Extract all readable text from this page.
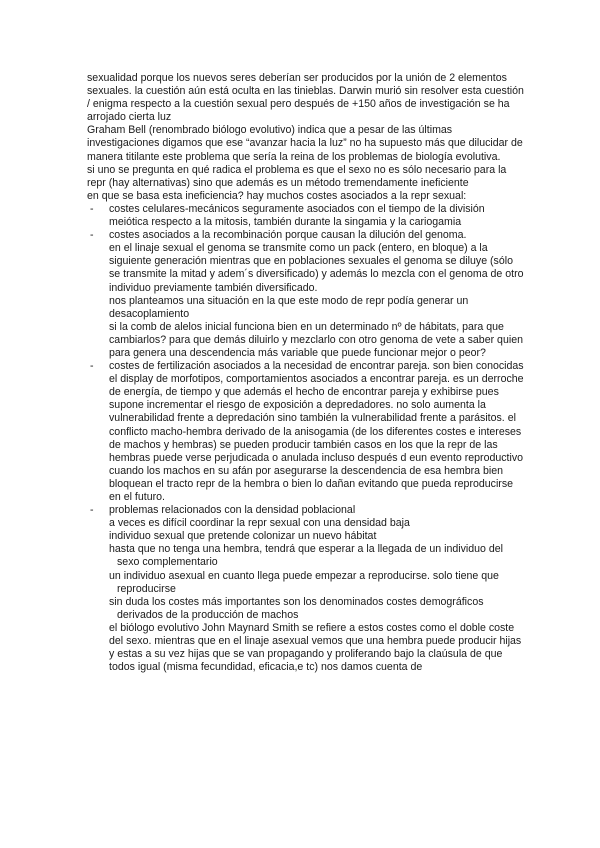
sexualidad porque los nuevos seres deberían ser producidos por la unión de 2 elementos sexuales. la cuestión aún está oculta en las tinieblas. Darwin murió sin resolver esta cuestión / enigma respecto a la cuestión sexual pero después de +150 años de investigación se ha arrojado cierta luz

Graham Bell (renombrado biólogo evolutivo) indica que a pesar de las últimas investigaciones digamos que ese “avanzar hacia la luz” no ha supuesto más que dilucidar de manera titilante este problema que sería la reina de los problemas de biología evolutiva.

si uno se pregunta en qué radica el problema es que el sexo no es sólo necesario para la repr (hay alternativas) sino que además es un método tremendamente ineficiente

en que se basa esta ineficiencia? hay muchos costes asociados a la repr sexual:

- costes celulares-mecánicos seguramente asociados con el tiempo de la división meiótica respecto a la mitosis, también durante la singamia y la cariogamia
- costes asociados a la recombinación porque causan la dilución del genoma.
en el linaje sexual el genoma se transmite como un pack (entero, en bloque) a la siguiente generación mientras que en poblaciones sexuales el genoma se diluye (sólo se transmite la mitad y adem´s diversificado) y además lo mezcla con el genoma de otro individuo previamente también diversificado.
nos planteamos una situación en la que este modo de repr podía generar un desacoplamiento
si la comb de alelos inicial funciona bien en un determinado nº de hábitats, para que cambiarlos? para que demás diluirlo y mezclarlo con otro genoma de vete a saber quien para genera una descendencia más variable que puede funcionar mejor o peor?
- costes de fertilización asociados a la necesidad de encontrar pareja. son bien conocidas el display de morfotipos, comportamientos asociados a encontrar pareja. es un derroche de energía, de tiempo y que además el hecho de encontrar pareja y exhibirse pues supone incrementar el riesgo de exposición a depredadores. no solo aumenta la vulnerabilidad frente a depredación sino también la vulnerabilidad frente a parásitos. el conflicto macho-hembra derivado de la anisogamia (de los diferentes costes e intereses de machos y hembras) se pueden producir también casos en los que la repr de las hembras puede verse perjudicada o anulada incluso después d eun evento reproductivo cuando los machos en su afán por asegurarse la descendencia de esa hembra bien bloquean el tracto repr de la hembra o bien lo dañan evitando que pueda reproducirse en el futuro.
- problemas relacionados con la densidad poblacional
a veces es difícil coordinar la repr sexual con una densidad baja
individuo sexual que pretende colonizar un nuevo hábitat
hasta que no tenga una hembra, tendrá que esperar a la llegada de un individuo del sexo complementario
un individuo asexual en cuanto llega puede empezar a reproducirse. solo tiene que reproducirse
sin duda los costes más importantes son los denominados costes demográficos derivados de la producción de machos
el biólogo evolutivo John Maynard Smith se refiere a estos costes como el doble coste del sexo. mientras que en el linaje asexual vemos que una hembra puede producir hijas y estas a su vez hijas que se van propagando y proliferando bajo la claúsula de que todos igual (misma fecundidad, eficacia,e tc) nos damos cuenta de
